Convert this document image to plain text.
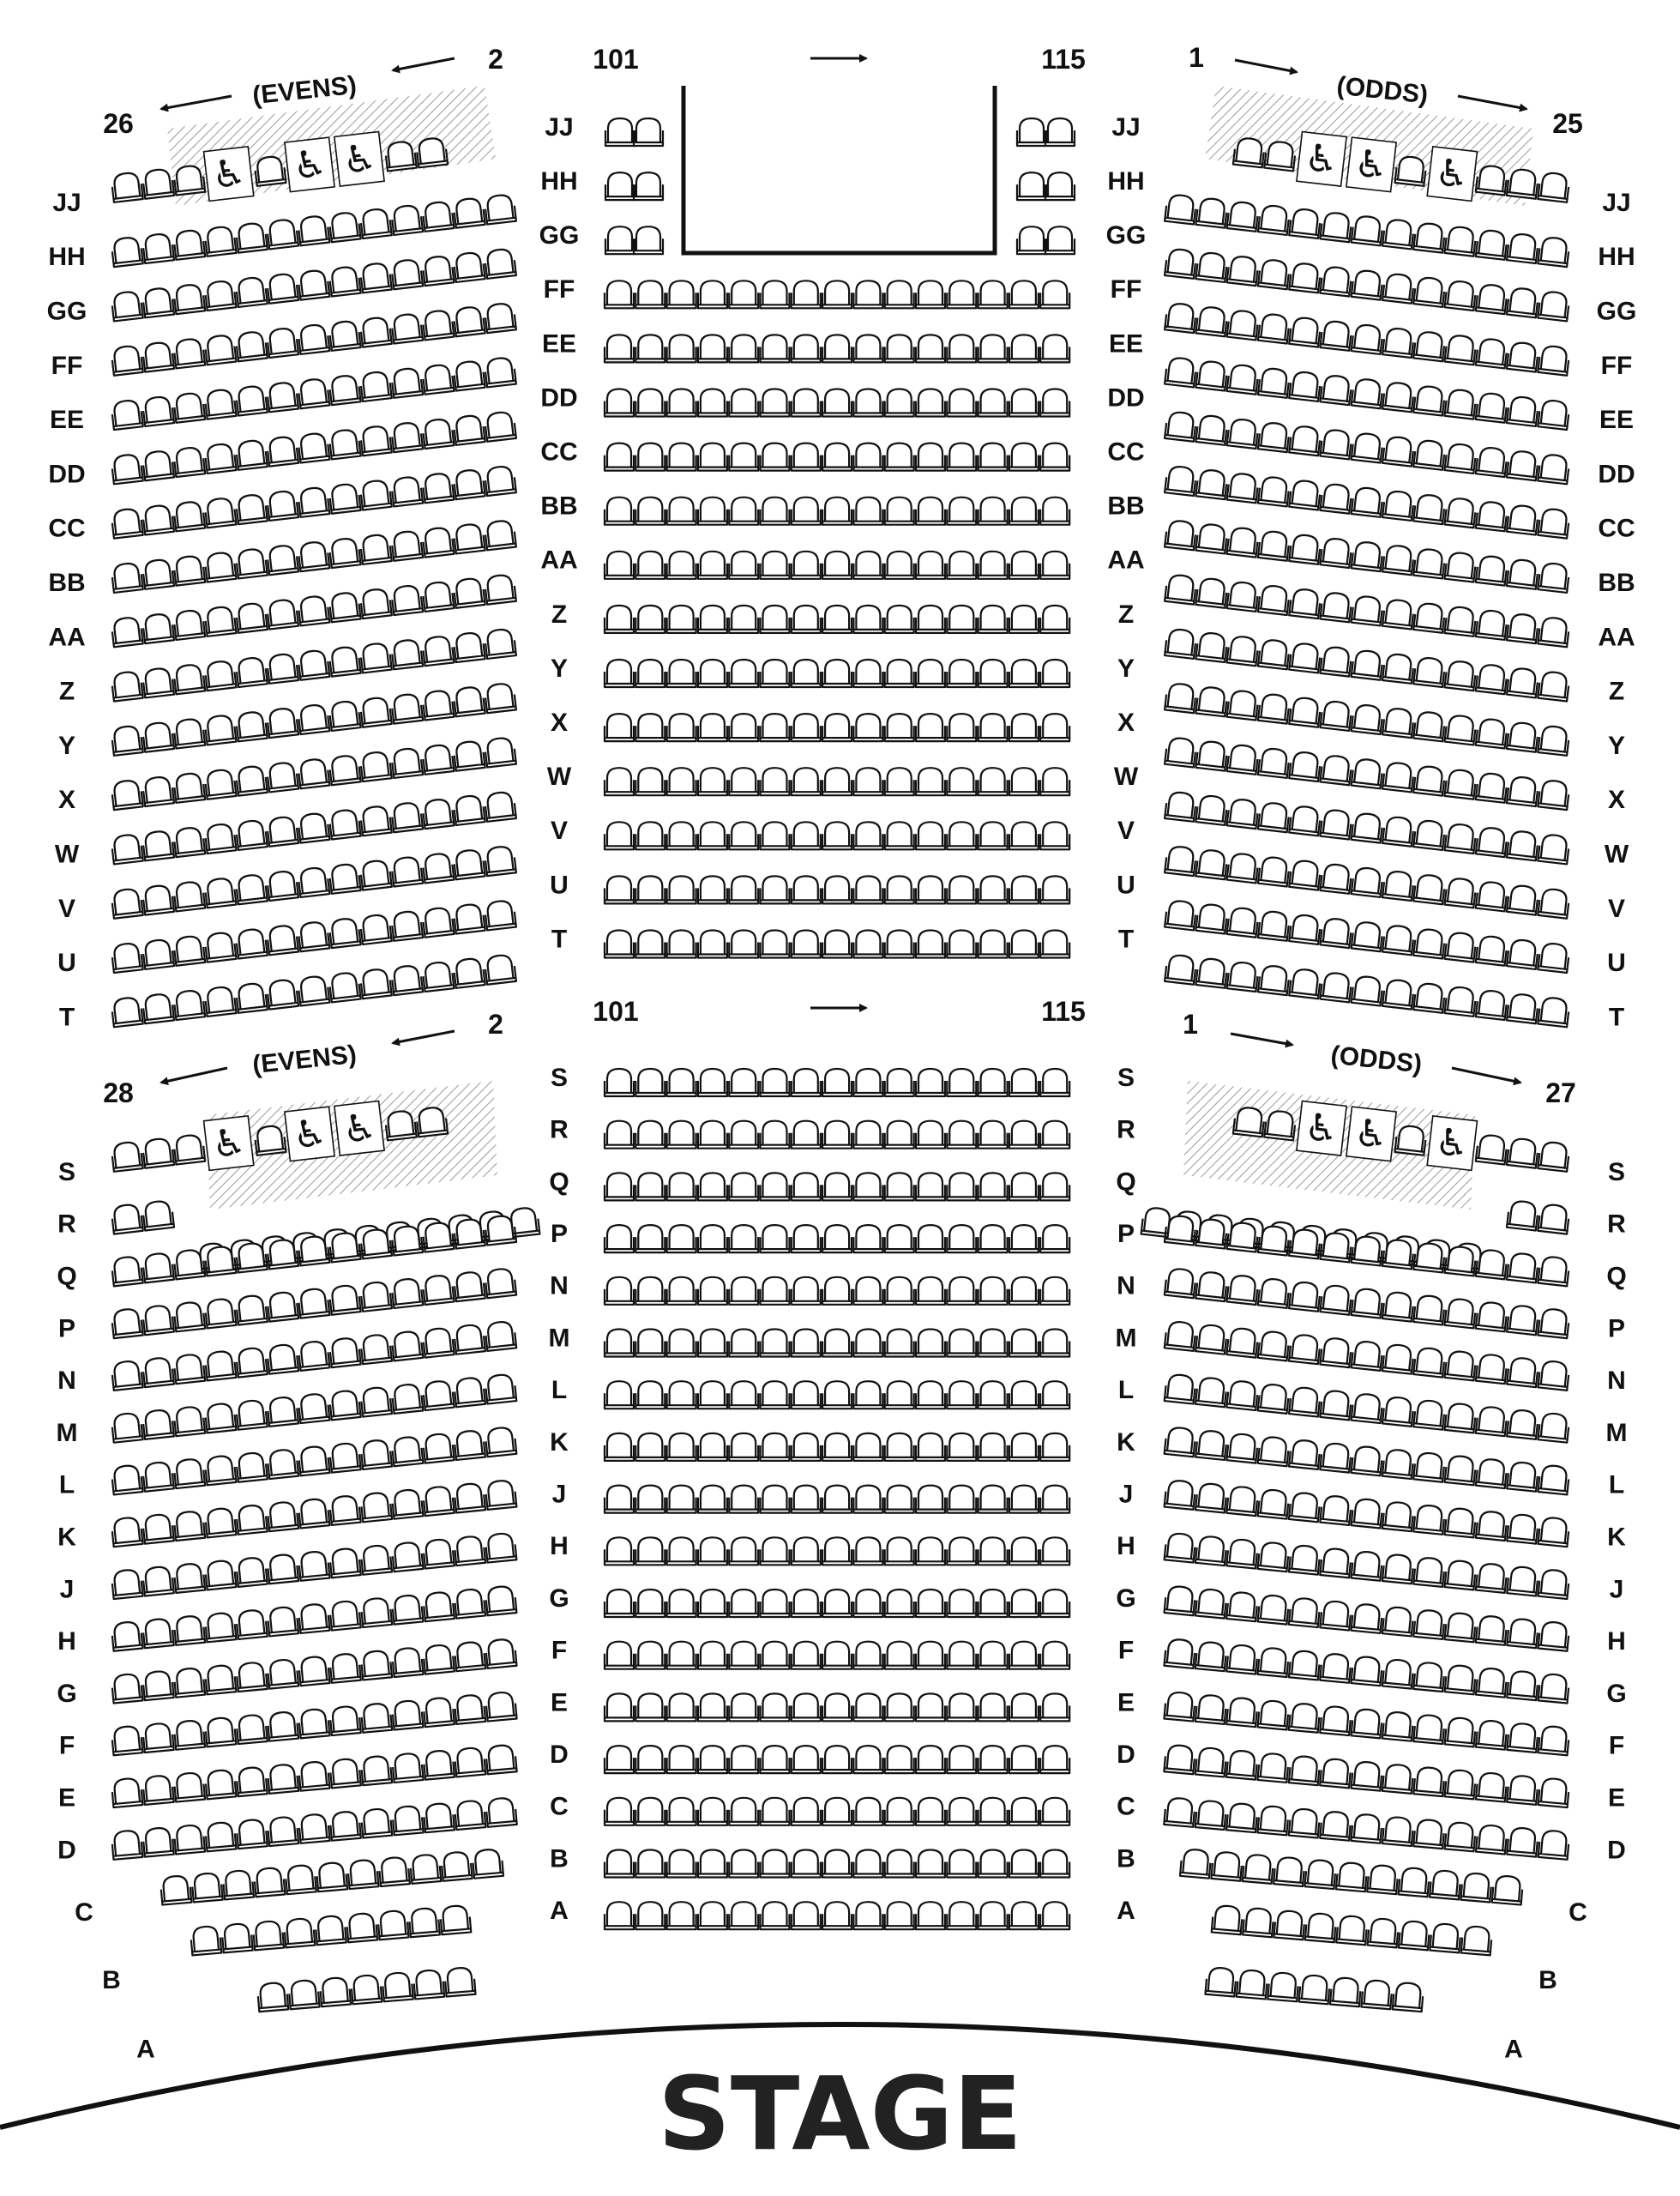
101	115
101	115
2
(EVENS)
26
1
(ODDS)
25
2
(EVENS)
28
1
(ODDS)
27
STAGE
JJ	JJ
HH	HH
GG	GG
FF	FF
EE	EE
DD	DD
CC	CC
BB	BB
AA	AA
Z	Z
Y	Y
X	X
W	W
V	V
U	U
T	T
S	S
R	R
Q	Q
P	P
N	N
M	M
L	L
K	K
J	J
H	H
G	G
F	F
E	E
D	D
C	C
B	B
A	A
JJ
HH
GG
FF
EE
DD
CC
BB
AA
Z
Y
X
W
V
U
T
JJ
HH
GG
FF
EE
DD
CC
BB
AA
Z
Y
X
W
V
U
T
S
R
Q
P
N
M
L
K
J
H
G
F
E
D
C
B
A
S
R
Q
P
N
M
L
K
J
H
G
F
E
D
C
B
A
♿ ♿ ♿	♿
♿
♿
♿ ♿ ♿	♿
♿
♿
